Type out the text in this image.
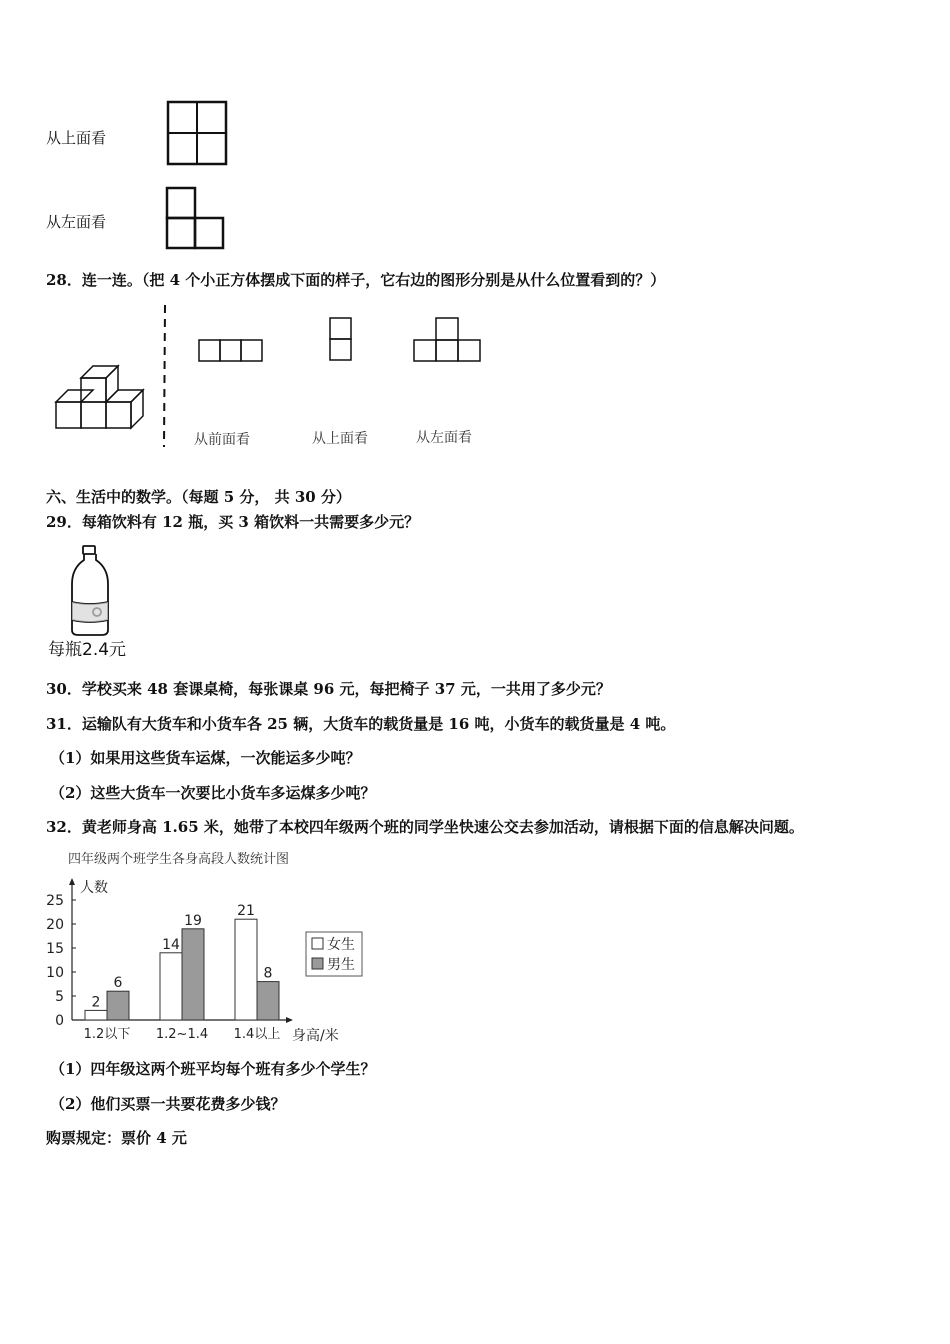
从上面看
从左面看
28．连一连。（把 4 个小正方体摆成下面的样子，它右边的图形分别是从什么位置看到的？）
从前面看	从上面看	从左面看
六、生活中的数学。（每题 5 分， 共 30 分）
29．每箱饮料有 12 瓶，买 3 箱饮料一共需要多少元？
每瓶2.4元
30．学校买来 48 套课桌椅，每张课桌 96 元，每把椅子 37 元，一共用了多少元？
31．运输队有大货车和小货车各 25 辆，大货车的载货量是 16 吨，小货车的载货量是 4 吨。
（1）如果用这些货车运煤，一次能运多少吨？
（2）这些大货车一次要比小货车多运煤多少吨？
32．黄老师身高 1.65 米，她带了本校四年级两个班的同学坐快速公交去参加活动，请根据下面的信息解决问题。
四年级两个班学生各身高段人数统计图
人数
0
5
10
15
20
25
2
6
1.2以下
14
19
1.2~1.4
21
8
1.4以上 身高/米
女生
男生
（1）四年级这两个班平均每个班有多少个学生？
（2）他们买票一共要花费多少钱？
购票规定：票价 4 元
